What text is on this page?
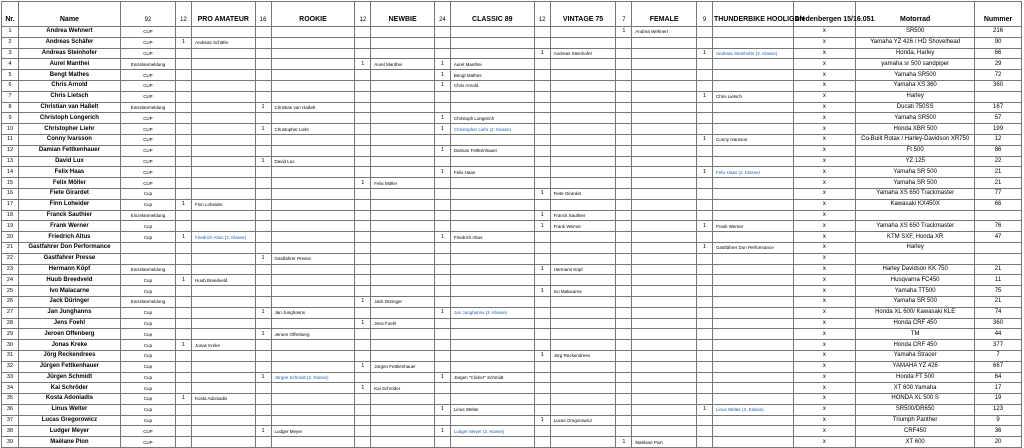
Nr.	Name	92	12	PRO AMATEUR	16	ROOKIE	12	NEWBIE	24	CLASSIC 89	12	VINTAGE 75	7	FEMALE	9	THUNDERBIKE HOOLIGAN	Diedenbergen 15/16.051	Motorrad	Nummer
1	Andrea Wehnert	CUP											1	Andrea Wehnert			x	SR500	216
2	Andreas Schäfer	CUP	1	Andreas Schäfer													x	Yamaha YZ 426 / HD Shovelhead	90
3	Andreas Steinhofer	CUP									1	Andreas Steinhofer			1	Andreas Steinhofer (2. Klasse)	x	Honda, Harley	66
4	Aurel Manthei	Einzelanmeldung					1	Aurel Manthei	1	Aurel Manthei							x	yamaha sr 500 sandpiper	29
5	Bengt Mathes	CUP							1	Bengt Mathes							x	Yamaha SR500	72
6	Chris Arnold	CUP							1	Chris Arnold							x	Yamaha XS 360	360
7	Chris Lietsch	CUP													1	Chris Lietsch	x	Harley	
8	Christian van Haßelt	Einzelanmeldung			1	Christian van Haßelt											x	Ducati 750SS	167
9	Christoph Longerich	CUP							1	Christoph Longerich							x	Yamaha SR500	57
10	Christopher Liehr	CUP			1	Christopher Liehr			1	Christopher Liehr (2. Klasse)							x	Honda XBR 500	199
11	Conny Ivarsson	CUP													1	Conny Ivarsson	x	Co-Built Rotax / Harley-Davidson XR750	12
12	Damian Fettkenhauer	CUP							1	Damian Fettkenhauer							x	Ft 500	86
13	David Lux	CUP			1	David Lux											x	YZ 125	22
14	Felix Haas	CUP							1	Felix Haas					1	Felix Haas (2. Klasse)	x	Yamaha SR 500	21
15	Felix Möller	CUP					1	Felix Möller									x	Yamaha SR 500	21
16	Fiete Girardet	Cup									1	Fiete Girardet					x	Yamaha XS 650 Trackmaster	77
17	Finn Loheider	Cup	1	Finn Loheider													x	Kawasaki KX450X	66
18	Franck Sauthier	Einzelanmeldung									1	Franck Sauthier					x		
19	Frank Werner	Cup									1	Frank Werner			1	Frank Werner	x	Yamaha XS 650 Trackmaster	76
20	Friedrich Altus	Cup	1	Friedrich Altus (2. Klasse)					1	Friedrich Altus							x	KTM SXF, Honda XR	47
21	Gastfahrer Don Performance														1	Gastfahrer Don Performance	x	Harley	
22	Gastfahrer Presse				1	Gastfahrer Presse											x		
23	Hermann Köpf	Einzelanmeldung									1	Hermann Köpf					x	Harley Davidson KK 750	21
24	Huub Breedveld	Cup	1	Huub Breedveld													x	Husqvarna FC450	11
25	Ivo Malacarne	Cup									1	Ivo Malacarne					x	Yamaha TT500	75
26	Jack Düringer	Einzelanmeldung					1	Jack Düringer									x	Yamaha SR 500	21
27	Jan Junghanns	Cup			1	Jan Junghanns			1	Jan Junghanns (2. Klasse)							x	Honda XL 600/ Kawasaki KLE	74
28	Jens Foehl	Cup					1	Jens Foehl									x	Honda CRF 450	360
29	Jeroen Offenberg	Cup			1	Jeroen Offenberg											x	TM	44
30	Jonas Kreke	Cup	1	Jonas Kreke													x	Honda CRF 450	377
31	Jörg Reckendrees	Cup									1	Jörg Reckendrees					x	Yamaha Stracer	7
32	Jürgen Fettkenhauer	Cup					1	Jürgen Fettkenhauer									x	YAMAHA YZ 426	667
33	Jürgen Schmidt	Cup			1	Jürgen Schmidt (2. Klasse)			1	Jürgen "Clicker" Schmidt							x	Honda FT 500	64
34	Kai Schröder	Cup					1	Kai Schröder									x	XT 600 Yamaha	17
35	Kosta Adoniadis	Cup	1	Kosta Adoniadis													x	HONDA XL 500 S	19
36	Linus Welter	Cup							1	Linus Welter					1	Linus Welter (3. Klasse)	x	SR500/DR650	123
37	Lucas Gregorowicz	Cup									1	Lucas Gregorowicz					x	Triumph Panther	9
38	Ludger Meyer	CUP			1	Ludger Meyer			1	Ludger Meyer (2. Klasse)							x	CRF450	36
39	Maëlane Pion	CUP											1	Maëlane Pion			x	XT 600	20
